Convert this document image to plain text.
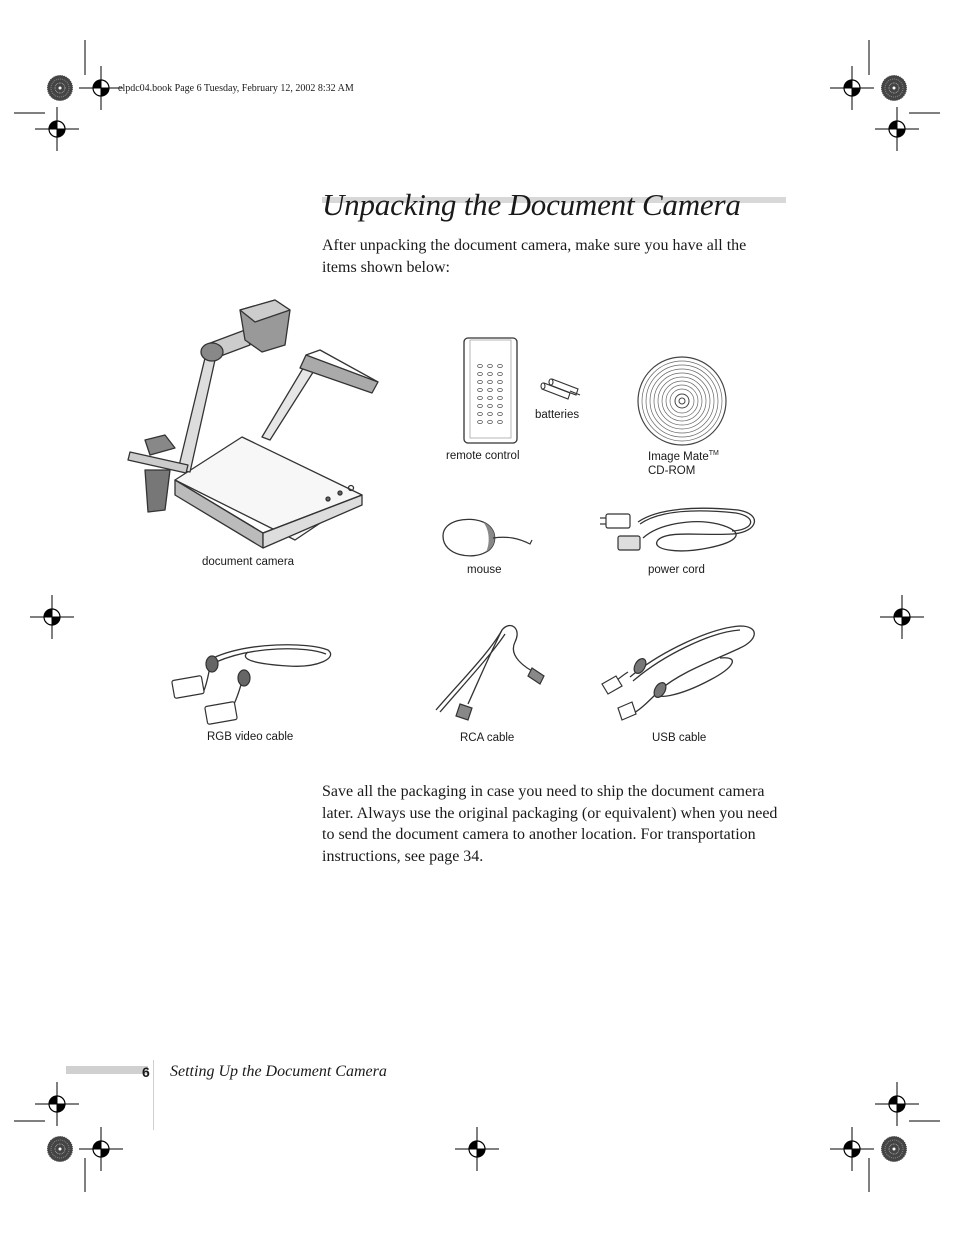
elpdc04.book Page 6 Tuesday, February 12, 2002 8:32 AM
Unpacking the Document Camera

After unpacking the document camera, make sure you have all the items shown below:

document camera
remote control
batteries
Image Mate™
CD-ROM
mouse	power cord
RGB video cable	RCA cable	USB cable

Save all the packaging in case you need to ship the document camera later. Always use the original packaging (or equivalent) when you need to send the document camera to another location. For transportation instructions, see page 34.

6 Setting Up the Document Camera
